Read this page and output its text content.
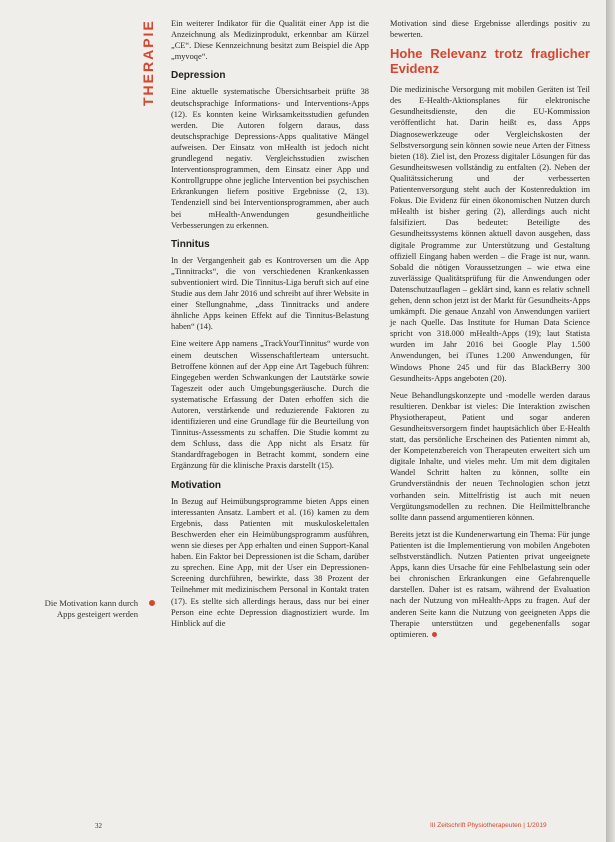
THERAPIE
Die Motivation kann durch Apps gesteigert werden

Ein weiterer Indikator für die Qualität einer App ist die Anzeichnung als Medizinprodukt, erkennbar am Kürzel „CE“. Diese Kennzeichnung besitzt zum Beispiel die App „myvoqe“.

Depression

Eine aktuelle systematische Übersichtsarbeit prüfte 38 deutschsprachige Informations- und Interventions-Apps (12). Es konnten keine Wirksamkeitsstudien gefunden werden. Die Autoren folgern daraus, dass deutschsprachige Depressions-Apps qualitative Mängel aufweisen. Der Einsatz von mHealth ist jedoch nicht grundlegend negativ. Vergleichsstudien zwischen Interventionsprogrammen, dem Einsatz einer App und Kontrollgruppe ohne jegliche Intervention bei psychischen Erkrankungen liefern positive Ergebnisse (2, 13). Tendenziell sind bei Interventionsprogrammen, aber auch bei mHealth-Anwendungen gesundheitliche Verbesserungen zu erkennen.

Tinnitus

In der Vergangenheit gab es Kontroversen um die App „Tinnitracks“, die von verschiedenen Krankenkassen subventioniert wird. Die Tinnitus-Liga beruft sich auf eine Studie aus dem Jahr 2016 und schreibt auf ihrer Website in einer Stellungnahme, „dass Tinnitracks und andere ähnliche Apps keinen Effekt auf die Tinnitus-Belastung haben“ (14).

Eine weitere App namens „TrackYourTinnitus“ wurde von einem deutschen Wissenschaftlerteam untersucht. Betroffene können auf der App eine Art Tagebuch führen: Eingegeben werden Schwankungen der Lautstärke sowie Tageszeit oder auch Umgebungsgeräusche. Durch die systematische Erfassung der Daten erhoffen sich die Autoren, verstärkende und reduzierende Faktoren zu identifizieren und eine Grundlage für die Beurteilung von Tinnitus-Assessments zu schaffen. Die Studie kommt zu dem Schluss, dass die App nicht als Ersatz für Standardfragebogen in Betracht kommt, sondern eine Ergänzung für die klinische Praxis darstellt (15).

Motivation

In Bezug auf Heimübungsprogramme bieten Apps einen interessanten Ansatz. Lambert et al. (16) kamen zu dem Ergebnis, dass Patienten mit muskuloskelettalen Beschwerden eher ein Heimübungsprogramm ausführen, wenn sie dieses per App erhalten und einen Support-Kanal haben. Ein Faktor bei Depressionen ist die Scham, darüber zu sprechen. Eine App, mit der User ein Depressionen-Screening durchführen, bewirkte, dass 38 Prozent der Teilnehmer mit medizinischem Personal in Kontakt traten (17). Es stellte sich allerdings heraus, dass nur bei einer Person eine echte Depression diagnostiziert wurde. Im Hinblick auf die

Motivation sind diese Ergebnisse allerdings positiv zu bewerten.

Hohe Relevanz trotz fraglicher Evidenz

Die medizinische Versorgung mit mobilen Geräten ist Teil des E-Health-Aktionsplanes für elektronische Gesundheitsdienste, den die EU-Kommission veröffentlicht hat. Darin heißt es, dass Apps Diagnosewerkzeuge oder Vergleichskosten der Selbstversorgung sein können sowie neue Arten der Fitness bieten (18). Ziel ist, den Prozess digitaler Lösungen für das Gesundheitswesen vollständig zu entfalten (2). Neben der Qualitätssicherung und der verbesserten Patientenversorgung steht auch der Kostenreduktion im Fokus. Die Evidenz für einen ökonomischen Nutzen durch mHealth ist bisher gering (2), allerdings auch nicht falsifiziert. Das bedeutet: Beteiligte des Gesundheitssystems können aktuell davon ausgehen, dass digitale Programme zur Unterstützung und Gestaltung offiziell Eingang haben werden – die Frage ist nur, wann. Sobald die nötigen Voraussetzungen – wie etwa eine zuverlässige Qualitätsprüfung für die Anwendungen oder Datenschutzauflagen – geklärt sind, kann es relativ schnell gehen, denn schon jetzt ist der Markt für Gesundheits-Apps umkämpft. Die genaue Anzahl von Anwendungen variiert je nach Quelle. Das Institute for Human Data Science spricht von 318.000 mHealth-Apps (19); laut Statista wurden im Jahr 2016 bei Google Play 1.500 Anwendungen, bei iTunes 1.200 Anwendungen, für Windows Phone 245 und für das BlackBerry 300 Gesundheits-Apps angeboten (20).

Neue Behandlungskonzepte und -modelle werden daraus resultieren. Denkbar ist vieles: Die Interaktion zwischen Physiotherapeut, Patient und sogar anderen Gesundheitsversorgern findet hauptsächlich über E-Health statt, das persönliche Erscheinen des Patienten nimmt ab, der Kompetenzbereich von Therapeuten erweitert sich um digitale Inhalte, und vieles mehr. Um mit dem digitalen Wandel Schritt halten zu können, sollte ein Grundverständnis der neuen Technologien schon jetzt vorhanden sein. Mittelfristig ist auch mit neuen Vergütungsmodellen zu rechnen. Die Heilmittelbranche sollte dann passend argumentieren können.

Bereits jetzt ist die Kundenerwartung ein Thema: Für junge Patienten ist die Implementierung von mobilen Angeboten selbstverständlich. Nutzen Patienten privat ungeeignete Apps, kann dies Ursache für eine Fehlbelastung sein oder bei chronischen Erkrankungen eine Gefahrenquelle darstellen. Daher ist es ratsam, während der Evaluation nach der Nutzung von mHealth-Apps zu fragen. Auf der anderen Seite kann die Nutzung von geeigneten Apps die Therapie unterstützen und gegebenenfalls sogar optimieren.

32	III Zeitschrift Physiotherapeuten | 1/2019
